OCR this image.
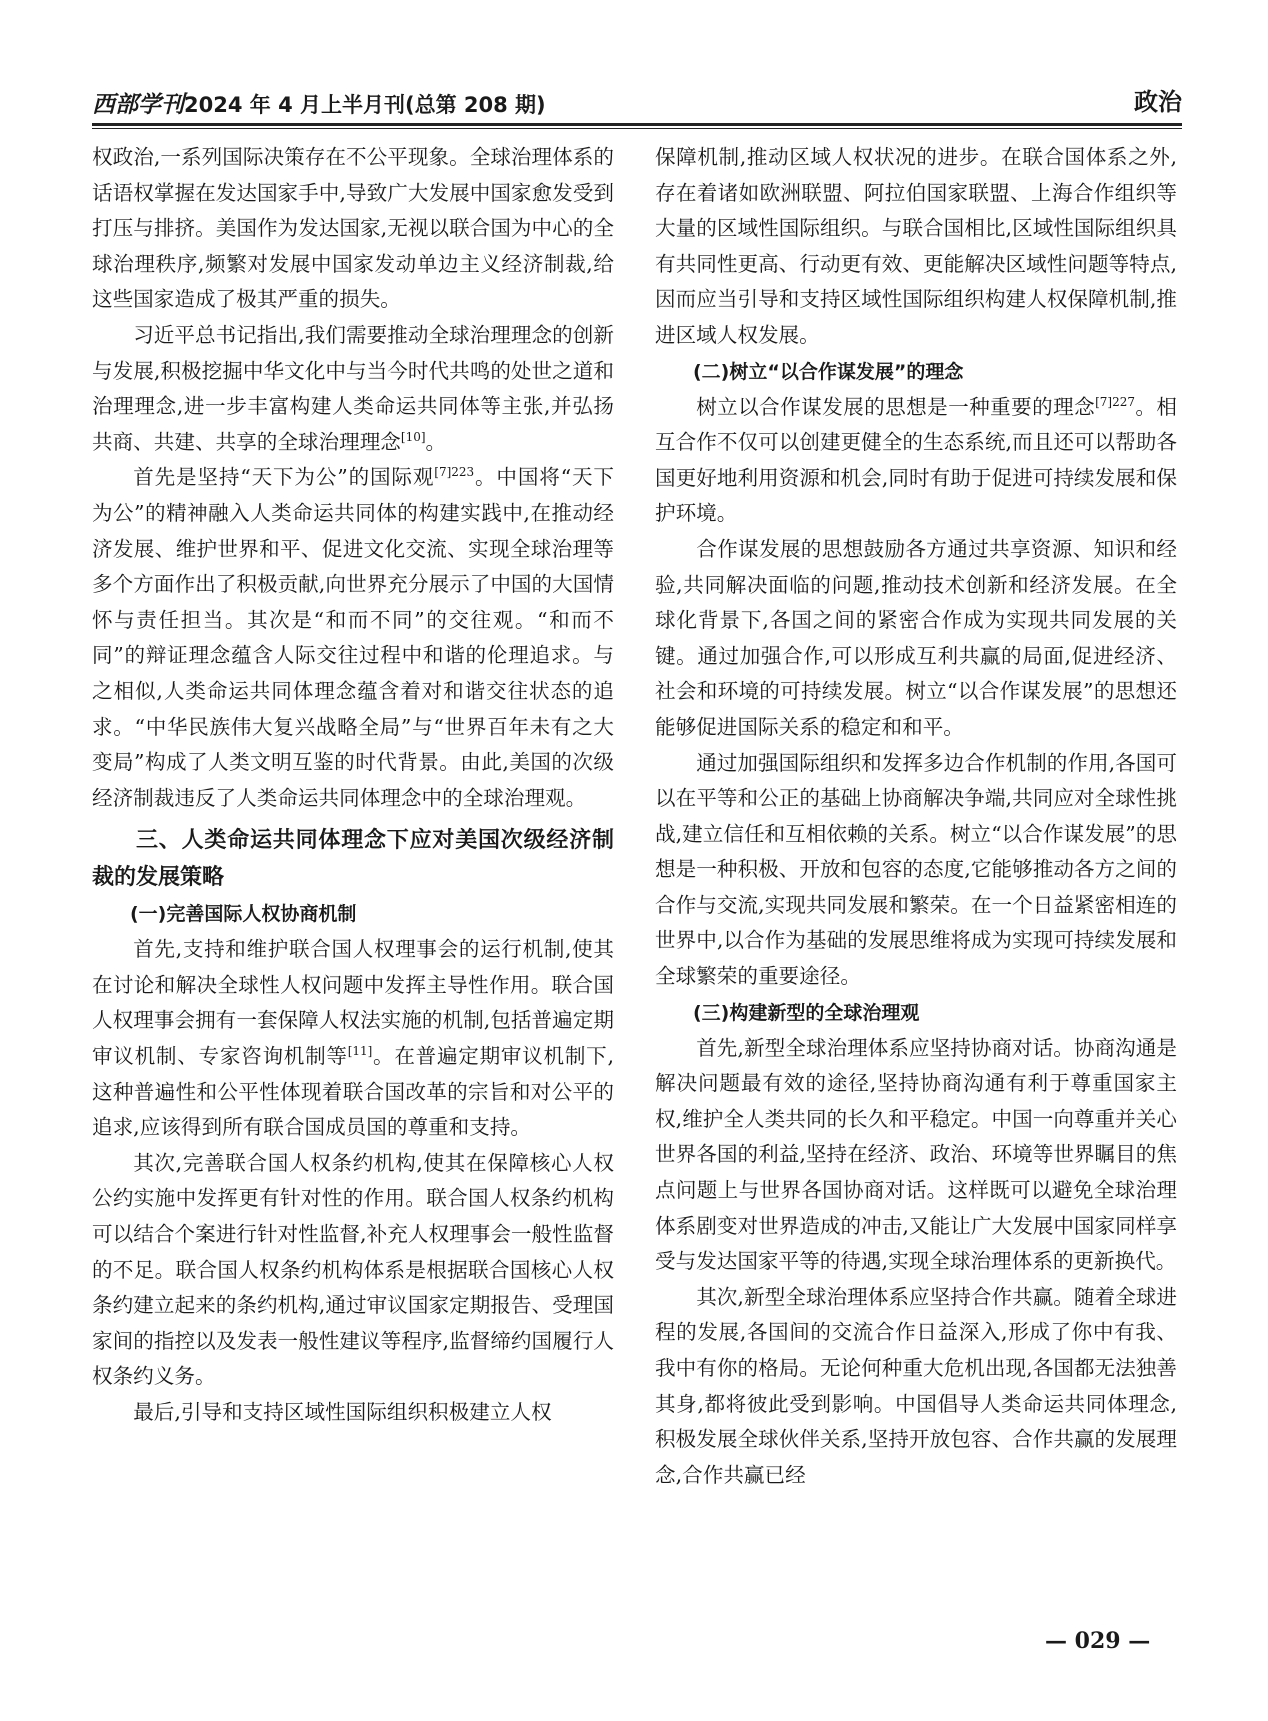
西部学刊2024 年 4 月上半月刊(总第 208 期)	政治

权政治,一系列国际决策存在不公平现象。全球治理体系的话语权掌握在发达国家手中,导致广大发展中国家愈发受到打压与排挤。美国作为发达国家,无视以联合国为中心的全球治理秩序,频繁对发展中国家发动单边主义经济制裁,给这些国家造成了极其严重的损失。

习近平总书记指出,我们需要推动全球治理理念的创新与发展,积极挖掘中华文化中与当今时代共鸣的处世之道和治理理念,进一步丰富构建人类命运共同体等主张,并弘扬共商、共建、共享的全球治理理念[10]。

首先是坚持“天下为公”的国际观$^{[7]223}$。中国将“天下为公”的精神融入人类命运共同体的构建实践中,在推动经济发展、维护世界和平、促进文化交流、实现全球治理等多个方面作出了积极贡献,向世界充分展示了中国的大国情怀与责任担当。其次是“和而不同”的交往观。“和而不同”的辩证理念蕴含人际交往过程中和谐的伦理追求。与之相似,人类命运共同体理念蕴含着对和谐交往状态的追求。“中华民族伟大复兴战略全局”与“世界百年未有之大变局”构成了人类文明互鉴的时代背景。由此,美国的次级经济制裁违反了人类命运共同体理念中的全球治理观。

三、人类命运共同体理念下应对美国次级经济制裁的发展策略
(一)完善国际人权协商机制

首先,支持和维护联合国人权理事会的运行机制,使其在讨论和解决全球性人权问题中发挥主导性作用。联合国人权理事会拥有一套保障人权法实施的机制,包括普遍定期审议机制、专家咨询机制等[11]。在普遍定期审议机制下,这种普遍性和公平性体现着联合国改革的宗旨和对公平的追求,应该得到所有联合国成员国的尊重和支持。

其次,完善联合国人权条约机构,使其在保障核心人权公约实施中发挥更有针对性的作用。联合国人权条约机构可以结合个案进行针对性监督,补充人权理事会一般性监督的不足。联合国人权条约机构体系是根据联合国核心人权条约建立起来的条约机构,通过审议国家定期报告、受理国家间的指控以及发表一般性建议等程序,监督缔约国履行人权条约义务。

最后,引导和支持区域性国际组织积极建立人权

保障机制,推动区域人权状况的进步。在联合国体系之外,存在着诸如欧洲联盟、阿拉伯国家联盟、上海合作组织等大量的区域性国际组织。与联合国相比,区域性国际组织具有共同性更高、行动更有效、更能解决区域性问题等特点,因而应当引导和支持区域性国际组织构建人权保障机制,推进区域人权发展。

(二)树立“以合作谋发展”的理念

树立以合作谋发展的思想是一种重要的理念$^{[7]227}$。相互合作不仅可以创建更健全的生态系统,而且还可以帮助各国更好地利用资源和机会,同时有助于促进可持续发展和保护环境。

合作谋发展的思想鼓励各方通过共享资源、知识和经验,共同解决面临的问题,推动技术创新和经济发展。在全球化背景下,各国之间的紧密合作成为实现共同发展的关键。通过加强合作,可以形成互利共赢的局面,促进经济、社会和环境的可持续发展。树立“以合作谋发展”的思想还能够促进国际关系的稳定和和平。

通过加强国际组织和发挥多边合作机制的作用,各国可以在平等和公正的基础上协商解决争端,共同应对全球性挑战,建立信任和互相依赖的关系。树立“以合作谋发展”的思想是一种积极、开放和包容的态度,它能够推动各方之间的合作与交流,实现共同发展和繁荣。在一个日益紧密相连的世界中,以合作为基础的发展思维将成为实现可持续发展和全球繁荣的重要途径。

(三)构建新型的全球治理观

首先,新型全球治理体系应坚持协商对话。协商沟通是解决问题最有效的途径,坚持协商沟通有利于尊重国家主权,维护全人类共同的长久和平稳定。中国一向尊重并关心世界各国的利益,坚持在经济、政治、环境等世界瞩目的焦点问题上与世界各国协商对话。这样既可以避免全球治理体系剧变对世界造成的冲击,又能让广大发展中国家同样享受与发达国家平等的待遇,实现全球治理体系的更新换代。

其次,新型全球治理体系应坚持合作共赢。随着全球进程的发展,各国间的交流合作日益深入,形成了你中有我、我中有你的格局。无论何种重大危机出现,各国都无法独善其身,都将彼此受到影响。中国倡导人类命运共同体理念,积极发展全球伙伴关系,坚持开放包容、合作共赢的发展理念,合作共赢已经

— 029 —
